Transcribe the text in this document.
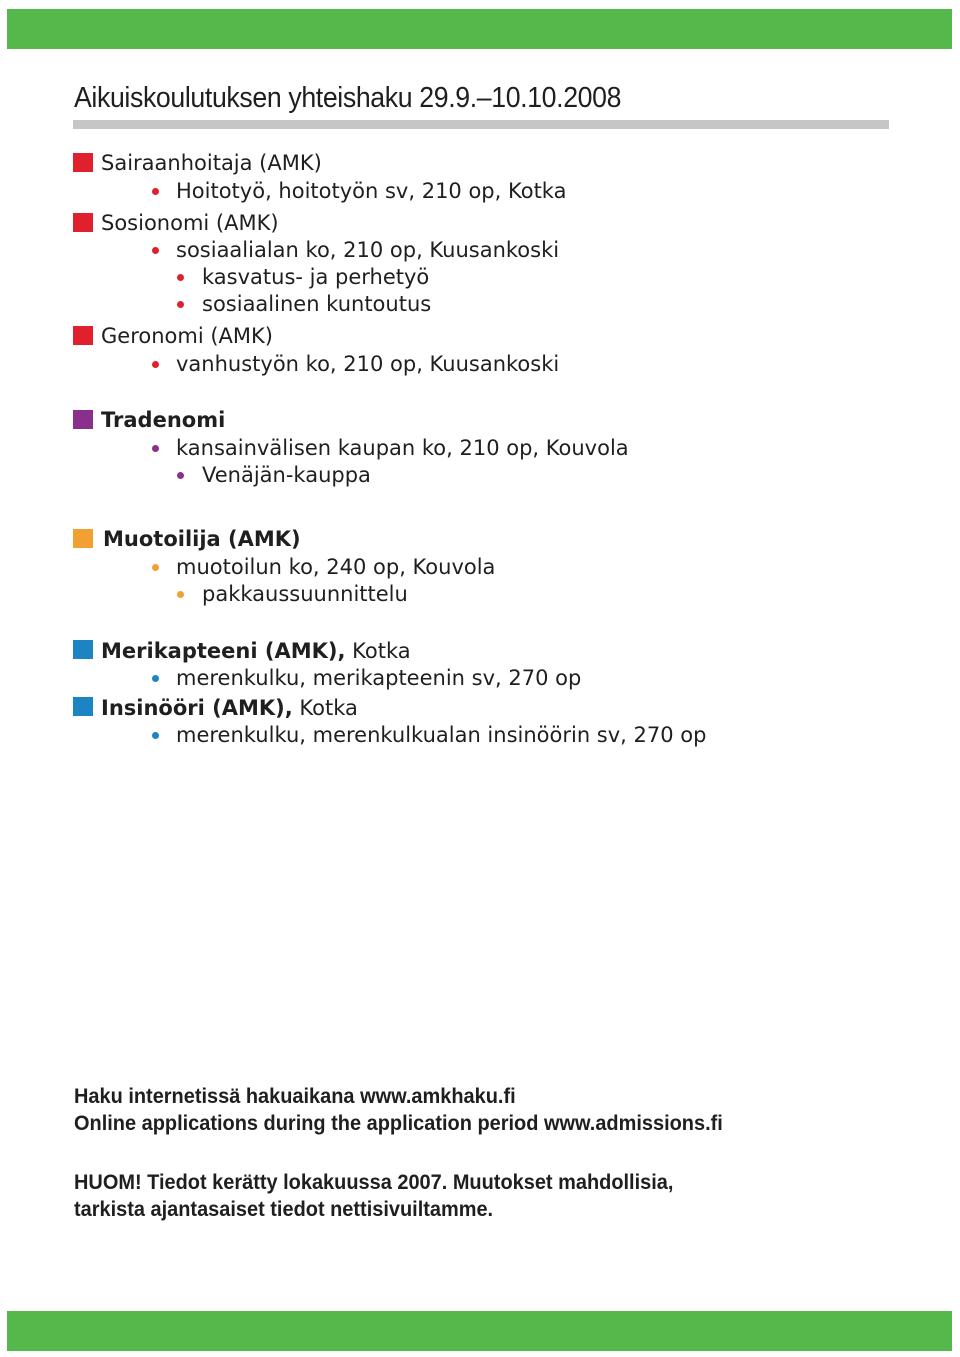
Aikuiskoulutuksen yhteishaku 29.9.–10.10.2008
Sairaanhoitaja (AMK)
Hoitotyö, hoitotyön sv, 210 op, Kotka
Sosionomi (AMK)
sosiaalialan ko, 210 op, Kuusankoski
kasvatus- ja perhetyö
sosiaalinen kuntoutus
Geronomi (AMK)
vanhustyön ko, 210 op, Kuusankoski
Tradenomi
kansainvälisen kaupan ko, 210 op, Kouvola
Venäjän-kauppa
Muotoilija (AMK)
muotoilun ko, 240 op, Kouvola
pakkaussuunnittelu
Merikapteeni (AMK), Kotka
merenkulku, merikapteenin sv, 270 op
Insinööri (AMK), Kotka
merenkulku, merenkulkualan insinöörin sv, 270 op
Haku internetissä hakuaikana www.amkhaku.fi
Online applications during the application period www.admissions.fi
HUOM! Tiedot kerätty lokakuussa 2007. Muutokset mahdollisia,
tarkista ajantasaiset tiedot nettisivuiltamme.
